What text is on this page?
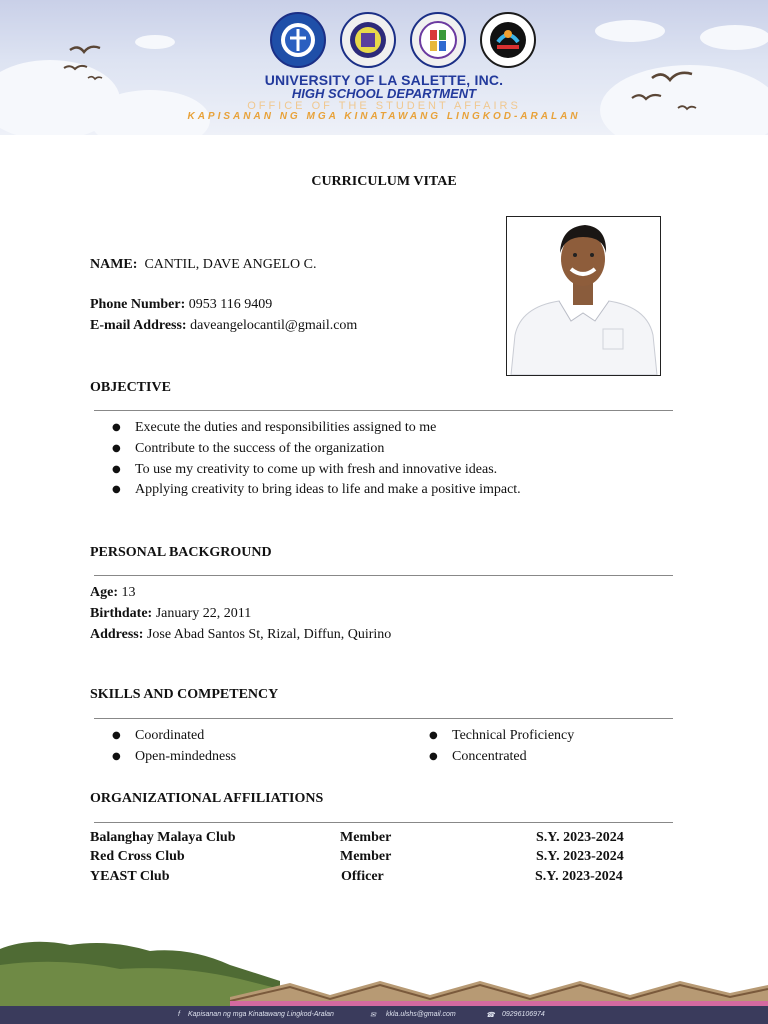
UNIVERSITY OF LA SALETTE, INC.
HIGH SCHOOL DEPARTMENT
OFFICE OF THE STUDENT AFFAIRS
KAPISANAN NG MGA KINATAWANG LINGKOD-ARALAN
CURRICULUM VITAE
NAME: CANTIL, DAVE ANGELO C.
Phone Number: 0953 116 9409
E-mail Address: daveangelocantil@gmail.com
OBJECTIVE
● Execute the duties and responsibilities assigned to me
● Contribute to the success of the organization
● To use my creativity to come up with fresh and innovative ideas.
● Applying creativity to bring ideas to life and make a positive impact.
PERSONAL BACKGROUND
Age: 13
Birthdate: January 22, 2011
Address: Jose Abad Santos St, Rizal, Diffun, Quirino
SKILLS AND COMPETENCY
● Coordinated
● Open-mindedness
● Technical Proficiency
● Concentrated
ORGANIZATIONAL AFFILIATIONS
Balanghay Malaya Club	Member	S.Y. 2023-2024
Red Cross Club	Member	S.Y. 2023-2024
YEAST Club	Officer	S.Y. 2023-2024
f Kapisanan ng mga Kinatawang Lingkod-Aralan	✉ kkla.ulshs@gmail.com	☎ 09296106974
